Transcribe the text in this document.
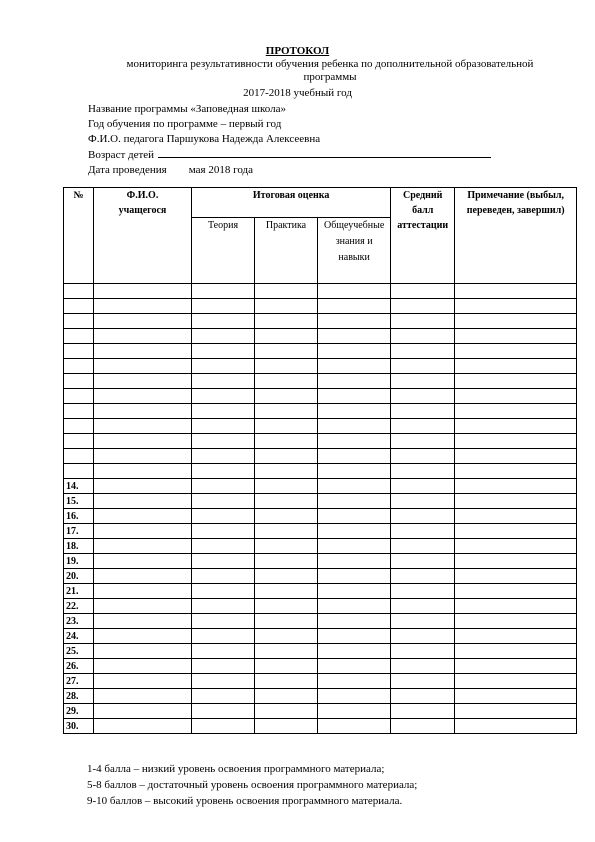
ПРОТОКОЛ
мониторинга результативности обучения ребенка по дополнительной образовательной программы
2017-2018 учебный год
Название программы «Заповедная школа»
Год обучения по программе – первый год
Ф.И.О. педагога Паршукова Надежда Алексеевна
Возраст детей
Дата проведения мая 2018 года
№	Ф.И.О. учащегося	Итоговая оценка			Средний балл аттестации	Примечание (выбыл, переведен, завершил)
		Теория	Практика	Общеучебные знания и навыки		

14.						
15.						
16.						
17.						
18.						
19.						
20.						
21.						
22.						
23.						
24.						
25.						
26.						
27.						
28.						
29.						
30.						
1-4 балла – низкий уровень освоения программного материала;
5-8 баллов – достаточный уровень освоения программного материала;
9-10 баллов – высокий уровень освоения программного материала.
